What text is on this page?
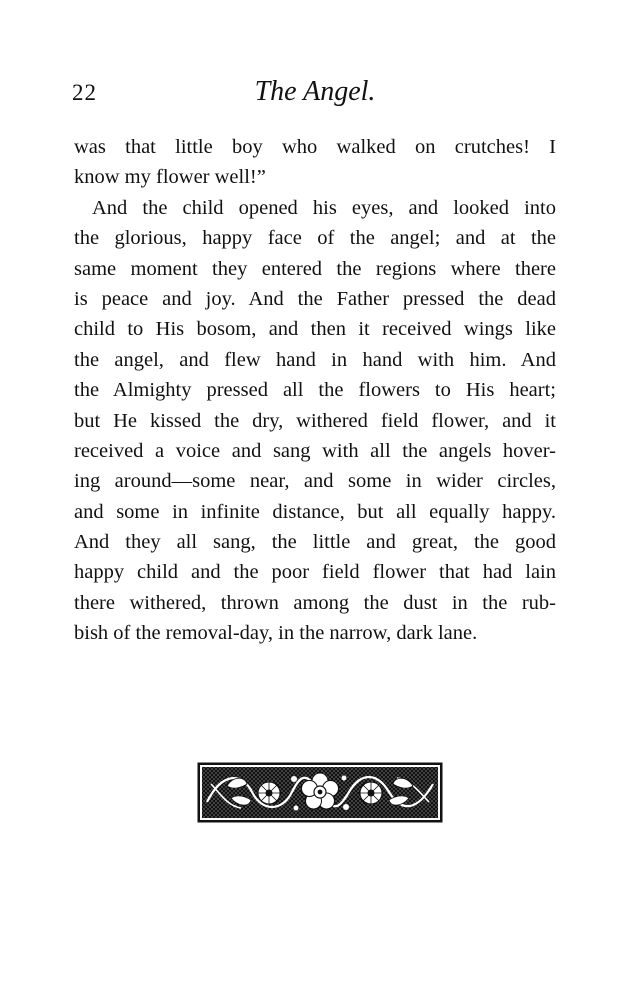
22	The Angel.
was that little boy who walked on crutches! I
know my flower well!”
And the child opened his eyes, and looked into
the glorious, happy face of the angel; and at the
same moment they entered the regions where there
is peace and joy. And the Father pressed the dead
child to His bosom, and then it received wings like
the angel, and flew hand in hand with him. And
the Almighty pressed all the flowers to His heart;
but He kissed the dry, withered field flower, and it
received a voice and sang with all the angels hover-
ing around—some near, and some in wider circles,
and some in infinite distance, but all equally happy.
And they all sang, the little and great, the good
happy child and the poor field flower that had lain
there withered, thrown among the dust in the rub-
bish of the removal-day, in the narrow, dark lane.
